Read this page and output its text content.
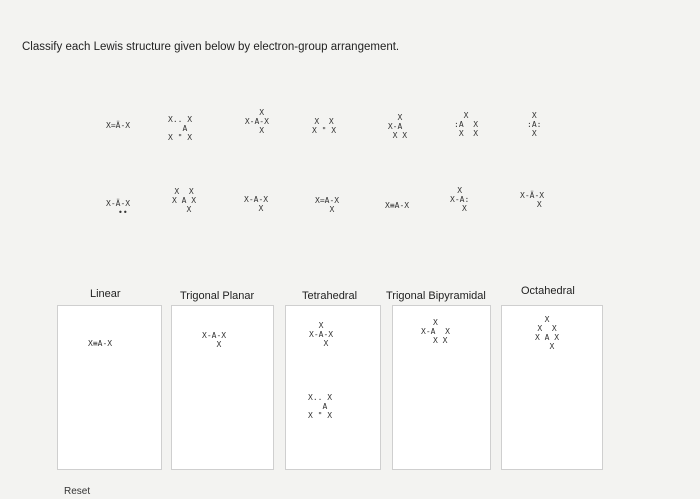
Classify each Lewis structure given below by electron-group arrangement.
X=Ä-X
X.. X
A
X " X
X
X-A-X
X
X  X
X " X
X
X-A
X X
X
:A  X
X  X
X
:A:
X
X-Ä-X
••
X  X
X A X
X
X-A-X
X
X=A-X
X	X≡A-X
X
X-A:
X
X-Ä-X
X
Linear	Trigonal Planar	Tetrahedral	Trigonal Bipyramidal	Octahedral
X≡A-X
X-A-X
X
X
X-A-X
X
X.. X
A
X " X
X
X-A  X
X X
X
X  X
X A X
X
Reset
